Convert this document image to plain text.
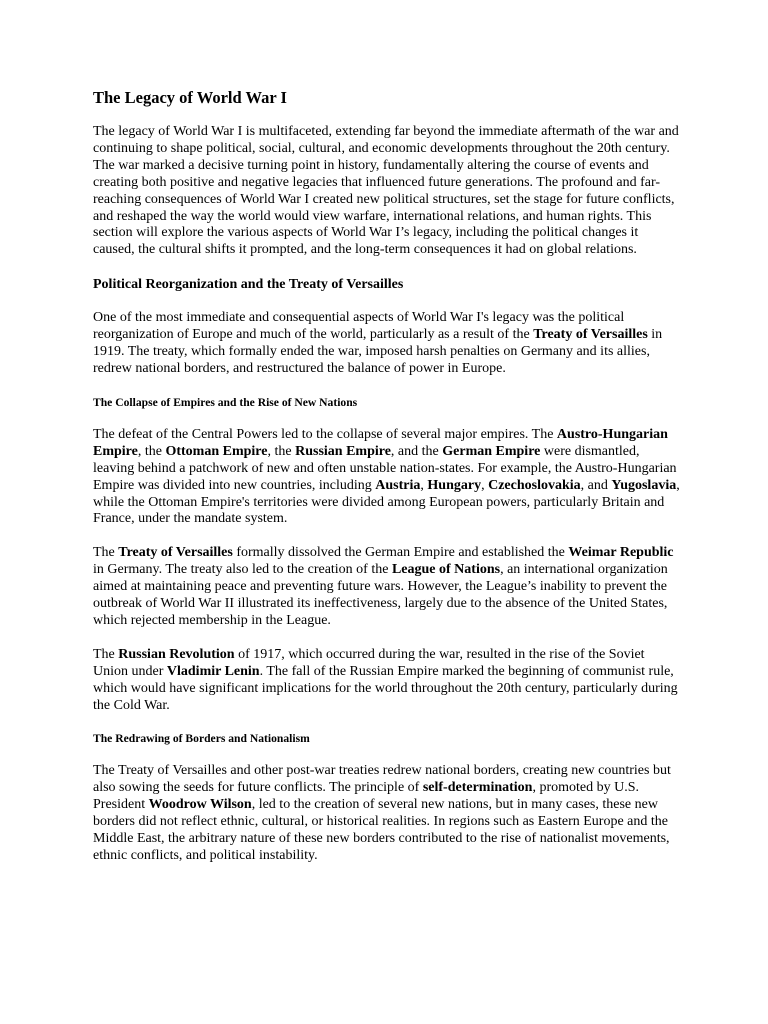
The Legacy of World War I

The legacy of World War I is multifaceted, extending far beyond the immediate aftermath of the war and continuing to shape political, social, cultural, and economic developments throughout the 20th century. The war marked a decisive turning point in history, fundamentally altering the course of events and creating both positive and negative legacies that influenced future generations. The profound and far-reaching consequences of World War I created new political structures, set the stage for future conflicts, and reshaped the way the world would view warfare, international relations, and human rights. This section will explore the various aspects of World War I’s legacy, including the political changes it caused, the cultural shifts it prompted, and the long-term consequences it had on global relations.

Political Reorganization and the Treaty of Versailles

One of the most immediate and consequential aspects of World War I's legacy was the political reorganization of Europe and much of the world, particularly as a result of the Treaty of Versailles in 1919. The treaty, which formally ended the war, imposed harsh penalties on Germany and its allies, redrew national borders, and restructured the balance of power in Europe.

The Collapse of Empires and the Rise of New Nations

The defeat of the Central Powers led to the collapse of several major empires. The Austro-Hungarian Empire, the Ottoman Empire, the Russian Empire, and the German Empire were dismantled, leaving behind a patchwork of new and often unstable nation-states. For example, the Austro-Hungarian Empire was divided into new countries, including Austria, Hungary, Czechoslovakia, and Yugoslavia, while the Ottoman Empire's territories were divided among European powers, particularly Britain and France, under the mandate system.

The Treaty of Versailles formally dissolved the German Empire and established the Weimar Republic in Germany. The treaty also led to the creation of the League of Nations, an international organization aimed at maintaining peace and preventing future wars. However, the League’s inability to prevent the outbreak of World War II illustrated its ineffectiveness, largely due to the absence of the United States, which rejected membership in the League.

The Russian Revolution of 1917, which occurred during the war, resulted in the rise of the Soviet Union under Vladimir Lenin. The fall of the Russian Empire marked the beginning of communist rule, which would have significant implications for the world throughout the 20th century, particularly during the Cold War.

The Redrawing of Borders and Nationalism

The Treaty of Versailles and other post-war treaties redrew national borders, creating new countries but also sowing the seeds for future conflicts. The principle of self-determination, promoted by U.S. President Woodrow Wilson, led to the creation of several new nations, but in many cases, these new borders did not reflect ethnic, cultural, or historical realities. In regions such as Eastern Europe and the Middle East, the arbitrary nature of these new borders contributed to the rise of nationalist movements, ethnic conflicts, and political instability.
